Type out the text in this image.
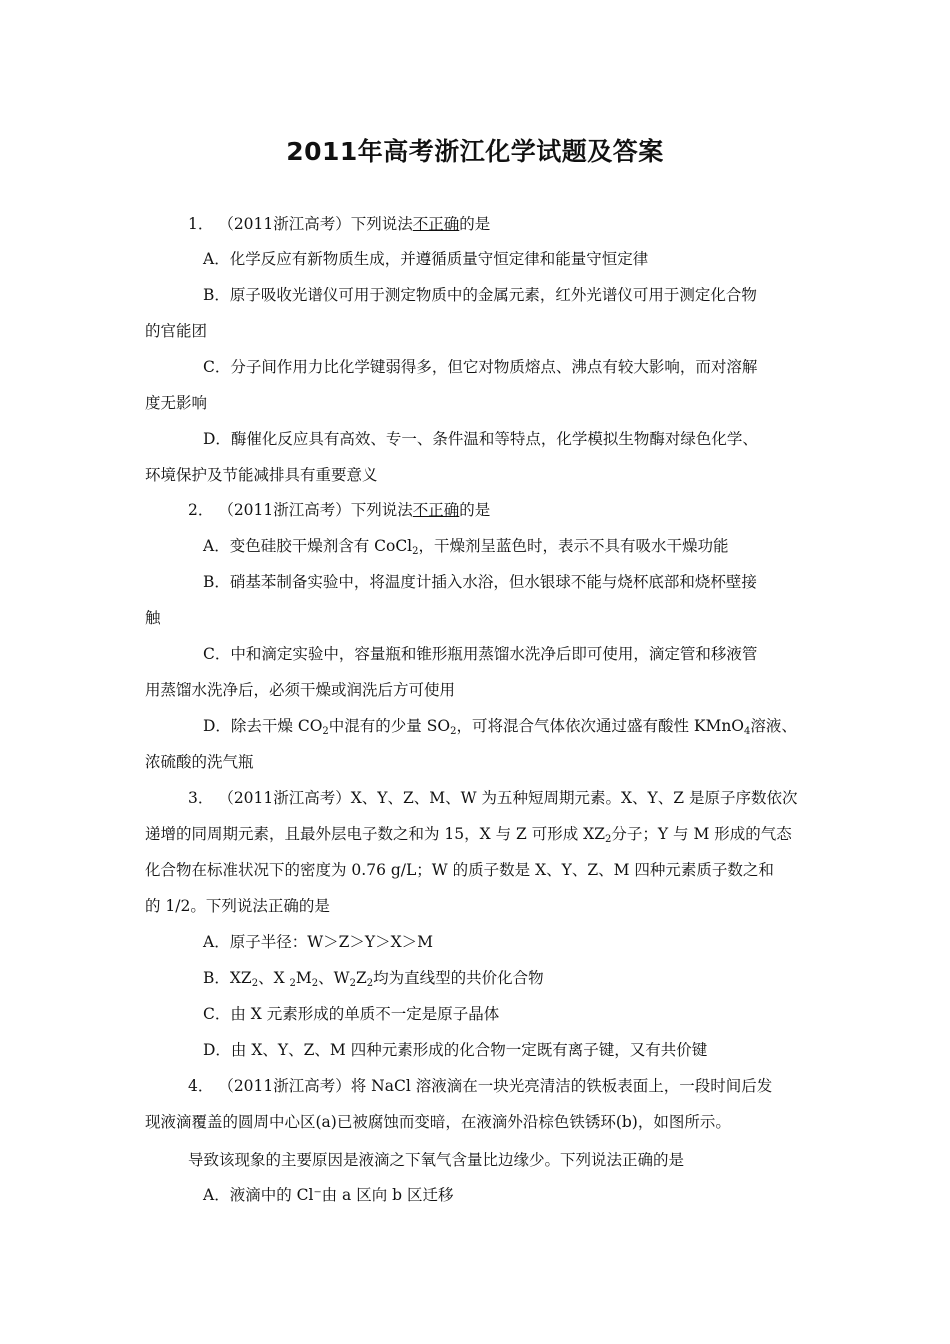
2011年高考浙江化学试题及答案
1． （2011浙江高考）下列说法不正确的是
A．化学反应有新物质生成，并遵循质量守恒定律和能量守恒定律
B．原子吸收光谱仪可用于测定物质中的金属元素，红外光谱仪可用于测定化合物
的官能团
C．分子间作用力比化学键弱得多，但它对物质熔点、沸点有较大影响，而对溶解
度无影响
D．酶催化反应具有高效、专一、条件温和等特点，化学模拟生物酶对绿色化学、
环境保护及节能减排具有重要意义
2． （2011浙江高考）下列说法不正确的是
A．变色硅胶干燥剂含有 CoCl$_2$，干燥剂呈蓝色时，表示不具有吸水干燥功能
B．硝基苯制备实验中，将温度计插入水浴，但水银球不能与烧杯底部和烧杯壁接
触
C．中和滴定实验中，容量瓶和锥形瓶用蒸馏水洗净后即可使用，滴定管和移液管
用蒸馏水洗净后，必须干燥或润洗后方可使用
D．除去干燥 $CO_2$中混有的少量 $SO_2$，可将混合气体依次通过盛有酸性 KMnO$_4$溶液、
浓硫酸的洗气瓶
3． （2011浙江高考）X、Y、Z、M、W 为五种短周期元素。X、Y、Z 是原子序数依次
递增的同周期元素，且最外层电子数之和为 15，X 与 Z 可形成 $XZ_2$分子；Y 与 M 形成的气态
化合物在标准状况下的密度为 0.76 g/L；W 的质子数是 X、Y、Z、M 四种元素质子数之和
的 1/2。下列说法正确的是
A．原子半径：W＞Z＞Y＞X＞M
B．$XZ_2$、X $_2M_2$、$W_2Z_2$均为直线型的共价化合物
C．由 X 元素形成的单质不一定是原子晶体
D．由 X、Y、Z、M 四种元素形成的化合物一定既有离子键，又有共价键
4． （2011浙江高考）将 NaCl 溶液滴在一块光亮清洁的铁板表面上，一段时间后发
现液滴覆盖的圆周中心区(a)已被腐蚀而变暗，在液滴外沿棕色铁锈环(b)，如图所示。
导致该现象的主要原因是液滴之下氧气含量比边缘少。下列说法正确的是
A．液滴中的 Cl⁻由 a 区向 b 区迁移
